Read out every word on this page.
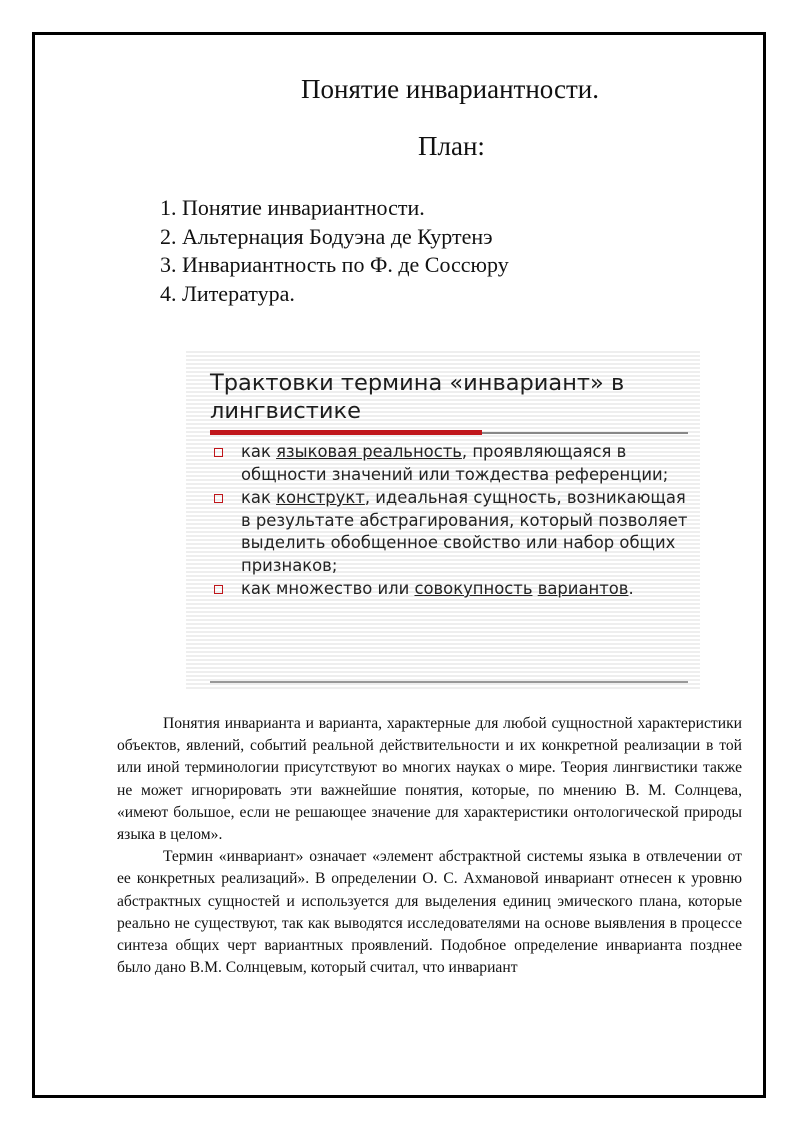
Понятие инвариантности.
План:
1. Понятие инвариантности.
2. Альтернация Бодуэна де Куртенэ
3. Инвариантность по Ф. де Соссюру
4. Литература.
Трактовки термина «инвариант» в лингвистике
как языковая реальность, проявляющаяся в общности значений или тождества референции;
как конструкт, идеальная сущность, возникающая в результате абстрагирования, который позволяет выделить обобщенное свойство или набор общих признаков;
как множество или совокупность вариантов.

Понятия инварианта и варианта, характерные для любой сущностной характеристики объектов, явлений, событий реальной действительности и их конкретной реализации в той или иной терминологии присутствуют во многих науках о мире. Теория лингвистики также не может игнорировать эти важнейшие понятия, которые, по мнению В. М. Солнцева, «имеют большое, если не решающее значение для характеристики онтологической природы языка в целом».

Термин «инвариант» означает «элемент абстрактной системы языка в отвлечении от ее конкретных реализаций». В определении О. С. Ахмановой инвариант отнесен к уровню абстрактных сущностей и используется для выделения единиц эмического плана, которые реально не существуют, так как выводятся исследователями на основе выявления в процессе синтеза общих черт вариантных проявлений. Подобное определение инварианта позднее было дано В.М. Солнцевым, который считал, что инвариант
